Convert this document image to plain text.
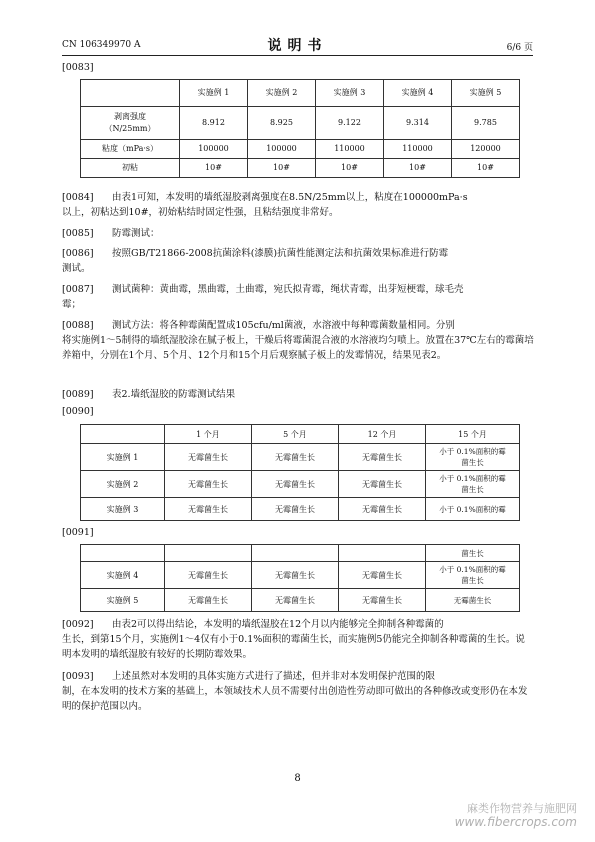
CN 106349970 A	说明书	6/6 页
[0083]
	实施例 1	实施例 2	实施例 3	实施例 4	实施例 5
剥离强度
（N/25mm）	8.912	8.925	9.122	9.314	9.785
粘度（mPa·s）	100000	100000	110000	110000	120000
初粘	10#	10#	10#	10#	10#
[0084] 由表1可知，本发明的墙纸湿胶剥离强度在8.5N/25mm以上，粘度在100000mPa·s
以上，初粘达到10#，初始粘结时固定性强，且粘结强度非常好。
[0085] 防霉测试：
[0086] 按照GB/T21866-2008抗菌涂料(漆膜)抗菌性能测定法和抗菌效果标准进行防霉
测试。
[0087] 测试菌种：黄曲霉，黑曲霉，土曲霉，宛氏拟青霉，绳状青霉，出芽短梗霉，球毛壳
霉；
[0088] 测试方法：将各种霉菌配置成105cfu/ml菌液，水溶液中每种霉菌数量相同。分别
将实施例1～5制得的墙纸湿胶涂在腻子板上，干燥后将霉菌混合液的水溶液均匀喷上。放置在37℃左右的霉菌培养箱中，分别在1个月、5个月、12个月和15个月后观察腻子板上的发霉情况，结果见表2。
[0089] 表2.墙纸湿胶的防霉测试结果
[0090]
	1 个月	5 个月	12 个月	15 个月
实施例 1	无霉菌生长	无霉菌生长	无霉菌生长	小于 0.1%面积的霉
菌生长
实施例 2	无霉菌生长	无霉菌生长	无霉菌生长	小于 0.1%面积的霉
菌生长
实施例 3	无霉菌生长	无霉菌生长	无霉菌生长	小于 0.1%面积的霉
[0091]
				菌生长
实施例 4	无霉菌生长	无霉菌生长	无霉菌生长	小于 0.1%面积的霉
菌生长
实施例 5	无霉菌生长	无霉菌生长	无霉菌生长	无霉菌生长
[0092] 由表2可以得出结论，本发明的墙纸湿胶在12个月以内能够完全抑制各种霉菌的
生长，到第15个月，实施例1～4仅有小于0.1%面积的霉菌生长，而实施例5仍能完全抑制各种霉菌的生长。说明本发明的墙纸湿胶有较好的长期防霉效果。
[0093] 上述虽然对本发明的具体实施方式进行了描述，但并非对本发明保护范围的限
制，在本发明的技术方案的基础上，本领域技术人员不需要付出创造性劳动即可做出的各种修改或变形仍在本发明的保护范围以内。
8
麻类作物营养与施肥网
www.fibercrops.com
